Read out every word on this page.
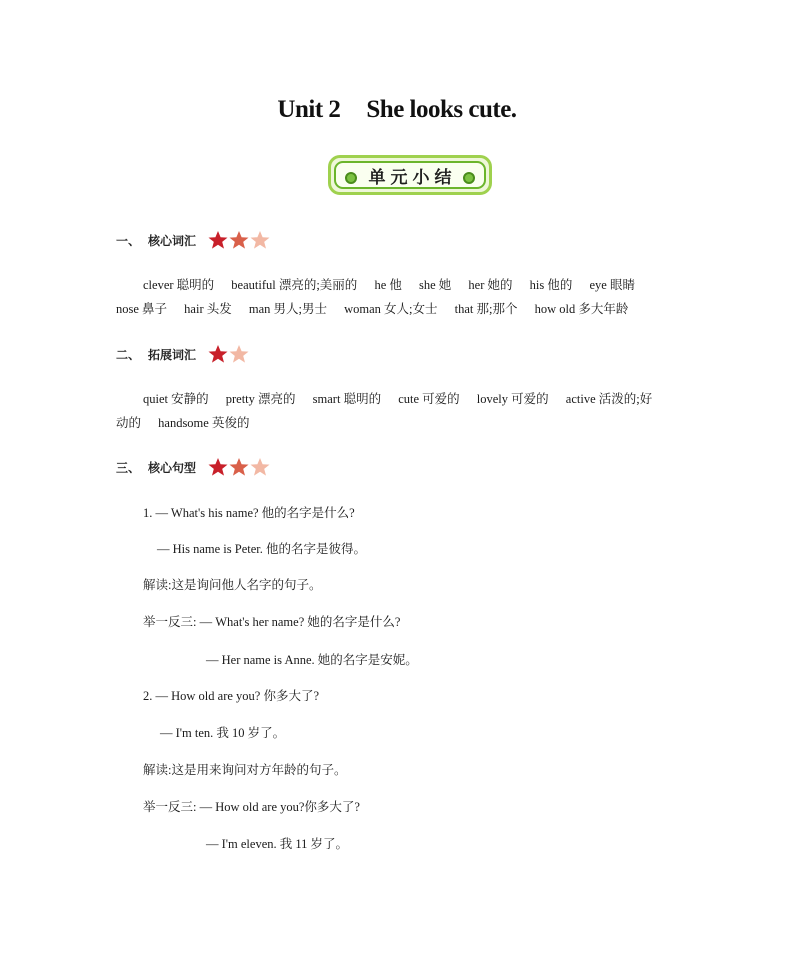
Unit 2 She looks cute.
单元小结
一、 核心词汇
clever 聪明的 beautiful 漂亮的;美丽的 he 他 she 她 her 她的 his 他的 eye 眼睛
nose 鼻子 hair 头发 man 男人;男士 woman 女人;女士 that 那;那个 how old 多大年龄
二、 拓展词汇
quiet 安静的 pretty 漂亮的 smart 聪明的 cute 可爱的 lovely 可爱的 active 活泼的;好
动的 handsome 英俊的
三、 核心句型
1. — What's his name? 他的名字是什么?
— His name is Peter. 他的名字是彼得。
解读:这是询问他人名字的句子。
举一反三: — What's her name? 她的名字是什么?
— Her name is Anne. 她的名字是安妮。
2. — How old are you? 你多大了?
— I'm ten. 我 10 岁了。
解读:这是用来询问对方年龄的句子。
举一反三: — How old are you?你多大了?
— I'm eleven. 我 11 岁了。
